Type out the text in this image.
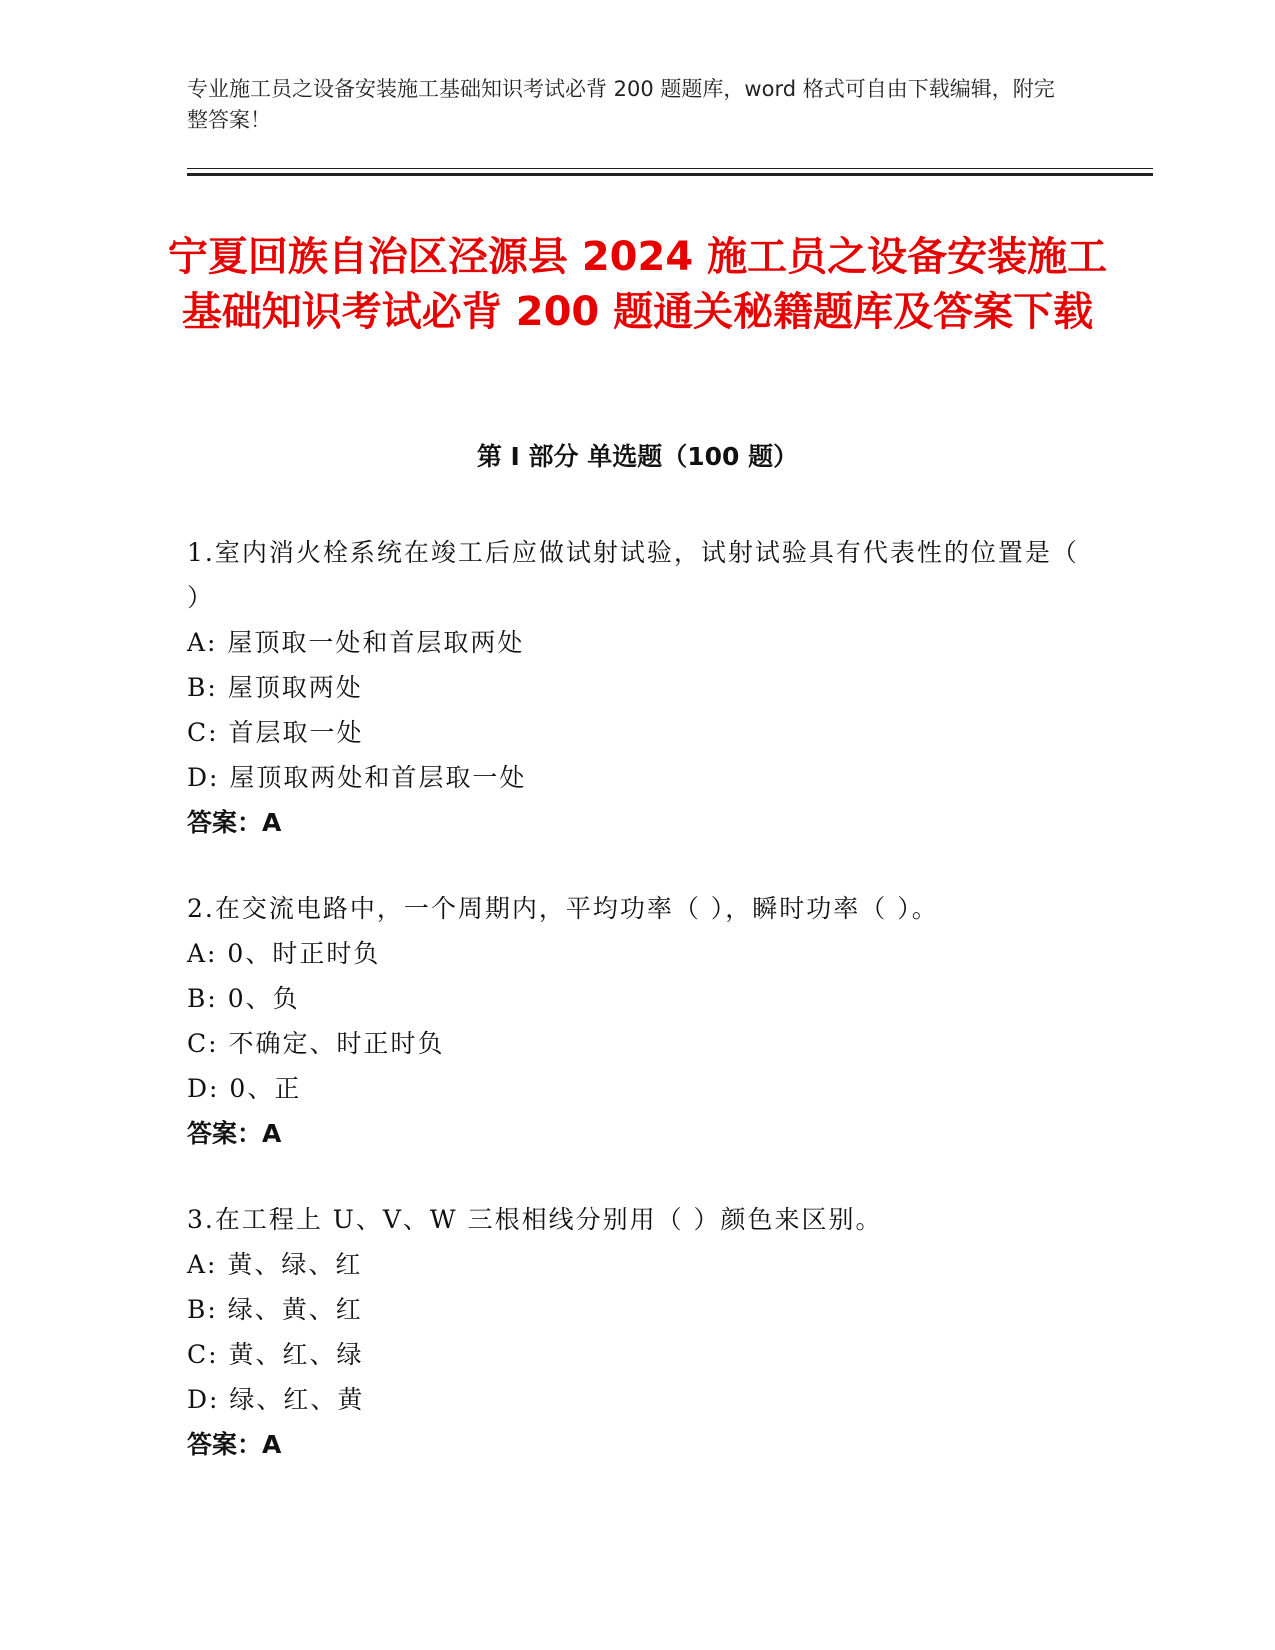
专业施工员之设备安装施工基础知识考试必背 200 题题库，word 格式可自由下载编辑，附完整答案！
宁夏回族自治区泾源县 2024 施工员之设备安装施工基础知识考试必背 200 题通关秘籍题库及答案下载
第 I 部分 单选题（100 题）

1.室内消火栓系统在竣工后应做试射试验，试射试验具有代表性的位置是（ ）

A: 屋顶取一处和首层取两处

B: 屋顶取两处

C: 首层取一处

D: 屋顶取两处和首层取一处

答案：A

2.在交流电路中，一个周期内，平均功率（ ），瞬时功率（ ）。

A: 0、时正时负

B: 0、负

C: 不确定、时正时负

D: 0、正

答案：A

3.在工程上 U、V、W 三根相线分别用（ ）颜色来区别。

A: 黄、绿、红

B: 绿、黄、红

C: 黄、红、绿

D: 绿、红、黄

答案：A
